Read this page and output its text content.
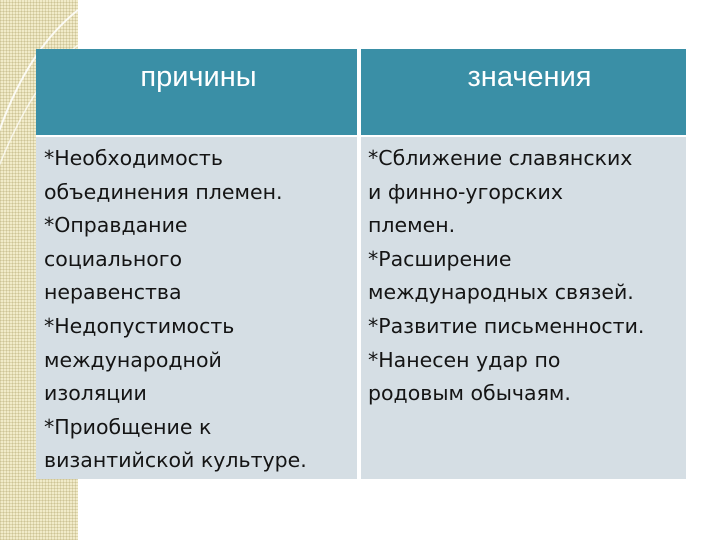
причины	значения
*Необходимость
объединения племен.
*Оправдание
социального
неравенства
*Недопустимость
международной
изоляции
*Приобщение к
византийской культуре.
*Сближение славянских
и финно-угорских
племен.
*Расширение
международных связей.
*Развитие письменности.
*Нанесен удар по
родовым обычаям.
